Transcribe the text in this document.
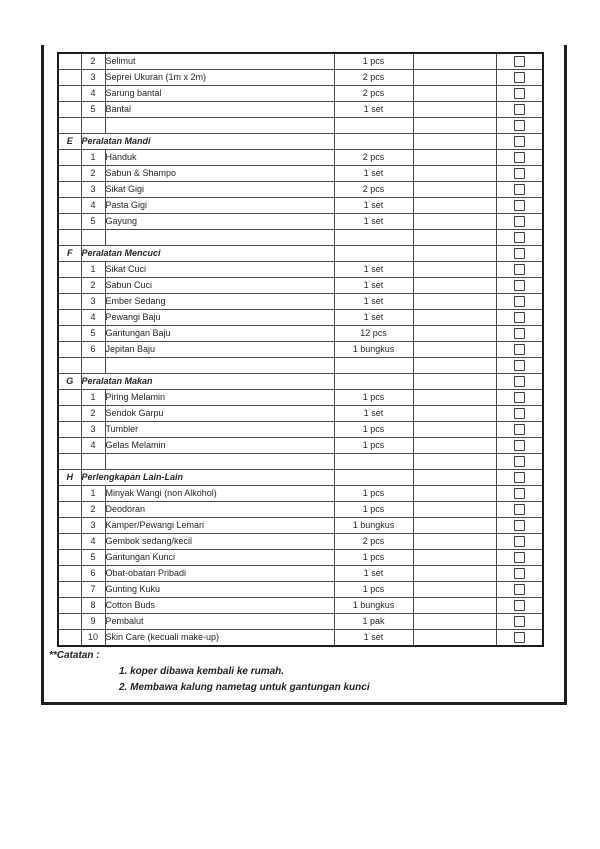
	2	Selimut	1 pcs		

	3	Seprei Ukuran (1m x 2m)	2 pcs		

	4	Sarung bantal	2 pcs		

	5	Bantal	1 set		

E	Peralatan Mandi				

	1	Handuk	2 pcs		

	2	Sabun & Shampo	1 set		

	3	Sikat Gigi	2 pcs		

	4	Pasta Gigi	1 set		

	5	Gayung	1 set		

F	Peralatan Mencuci				

	1	Sikat Cuci	1 set		

	2	Sabun Cuci	1 set		

	3	Ember Sedang	1 set		

	4	Pewangi Baju	1 set		

	5	Gantungan Baju	12 pcs		

	6	Jepitan Baju	1 bungkus		

G	Peralatan Makan				

	1	Piring Melamin	1 pcs		

	2	Sendok Garpu	1 set		

	3	Tumbler	1 pcs		

	4	Gelas Melamin	1 pcs		

H	Perlengkapan Lain-Lain				

	1	Minyak Wangi (non Alkohol)	1 pcs		

	2	Deodoran	1 pcs		

	3	Kamper/Pewangi Lemari	1 bungkus		

	4	Gembok sedang/kecil	2 pcs		

	5	Gantungan Kunci	1 pcs		

	6	Obat-obatan Pribadi	1 set		

	7	Gunting Kuku	1 pcs		

	8	Cotton Buds	1 bungkus		

	9	Pembalut	1 pak		

	10	Skin Care (kecuali make-up)	1 set		
**Catatan :
1. koper dibawa kembali ke rumah.
2. Membawa kalung nametag untuk gantungan kunci
